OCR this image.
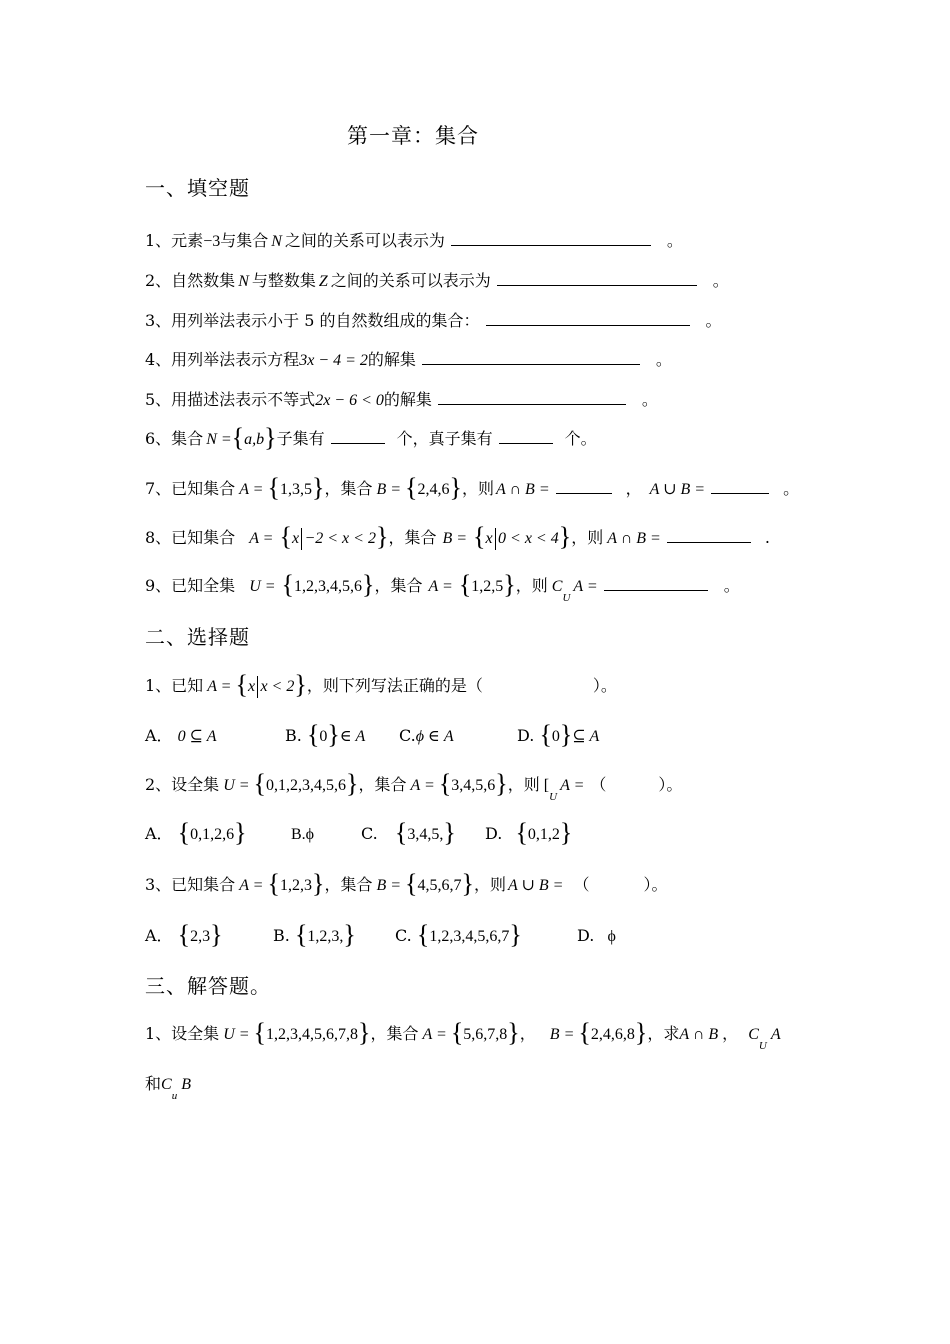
第一章：集合
一、填空题
1、元素−3与集合 N 之间的关系可以表示为	。
2、自然数集 N 与整数集 Z 之间的关系可以表示为	。
3、用列举法表示小于 5 的自然数组成的集合：	。
4、用列举法表示方程3x − 4 = 2的解集	。
5、用描述法表示不等式2x − 6 < 0的解集	。
6、集合 N ={a,b}子集有	个，真子集有	个。
7、已知集合 A = {1,3,5}，集合 B = {2,4,6}，则 A ∩ B =	， A ∪ B =	。
8、已知集合 A = {x −2 < x < 2}，集合 B = {x 0 < x < 4}，则 A ∩ B =	.
9、已知全集 U = {1,2,3,4,5,6}，集合 A = {1,2,5}，则 $C_UA$ =	。
二、选择题
1、已知 A = {x x < 2}，则下列写法正确的是（	）。
A． 0 ⊆ A	B. {0}∈ A C.ϕ ∈ A	D. {0}⊆ A
2、设全集 U = {0,1,2,3,4,5,6}，集合 A = {3,4,5,6}，则 [$_UA$ = （	）。
A． {0,1,2,6}	B.ϕ	C. {3,4,5,} D. {0,1,2}
3、已知集合 A = {1,2,3}，集合 B = {4,5,6,7}，则 A ∪ B = （	）。
A． {2,3}	B. {1,2,3,} C. {1,2,3,4,5,6,7}	D. ϕ
三、解答题。
1、设全集 U = {1,2,3,4,5,6,7,8}，集合 A = {5,6,7,8}， B = {2,4,6,8}，求A ∩ B ， $C_UA$
和$C_uB$
